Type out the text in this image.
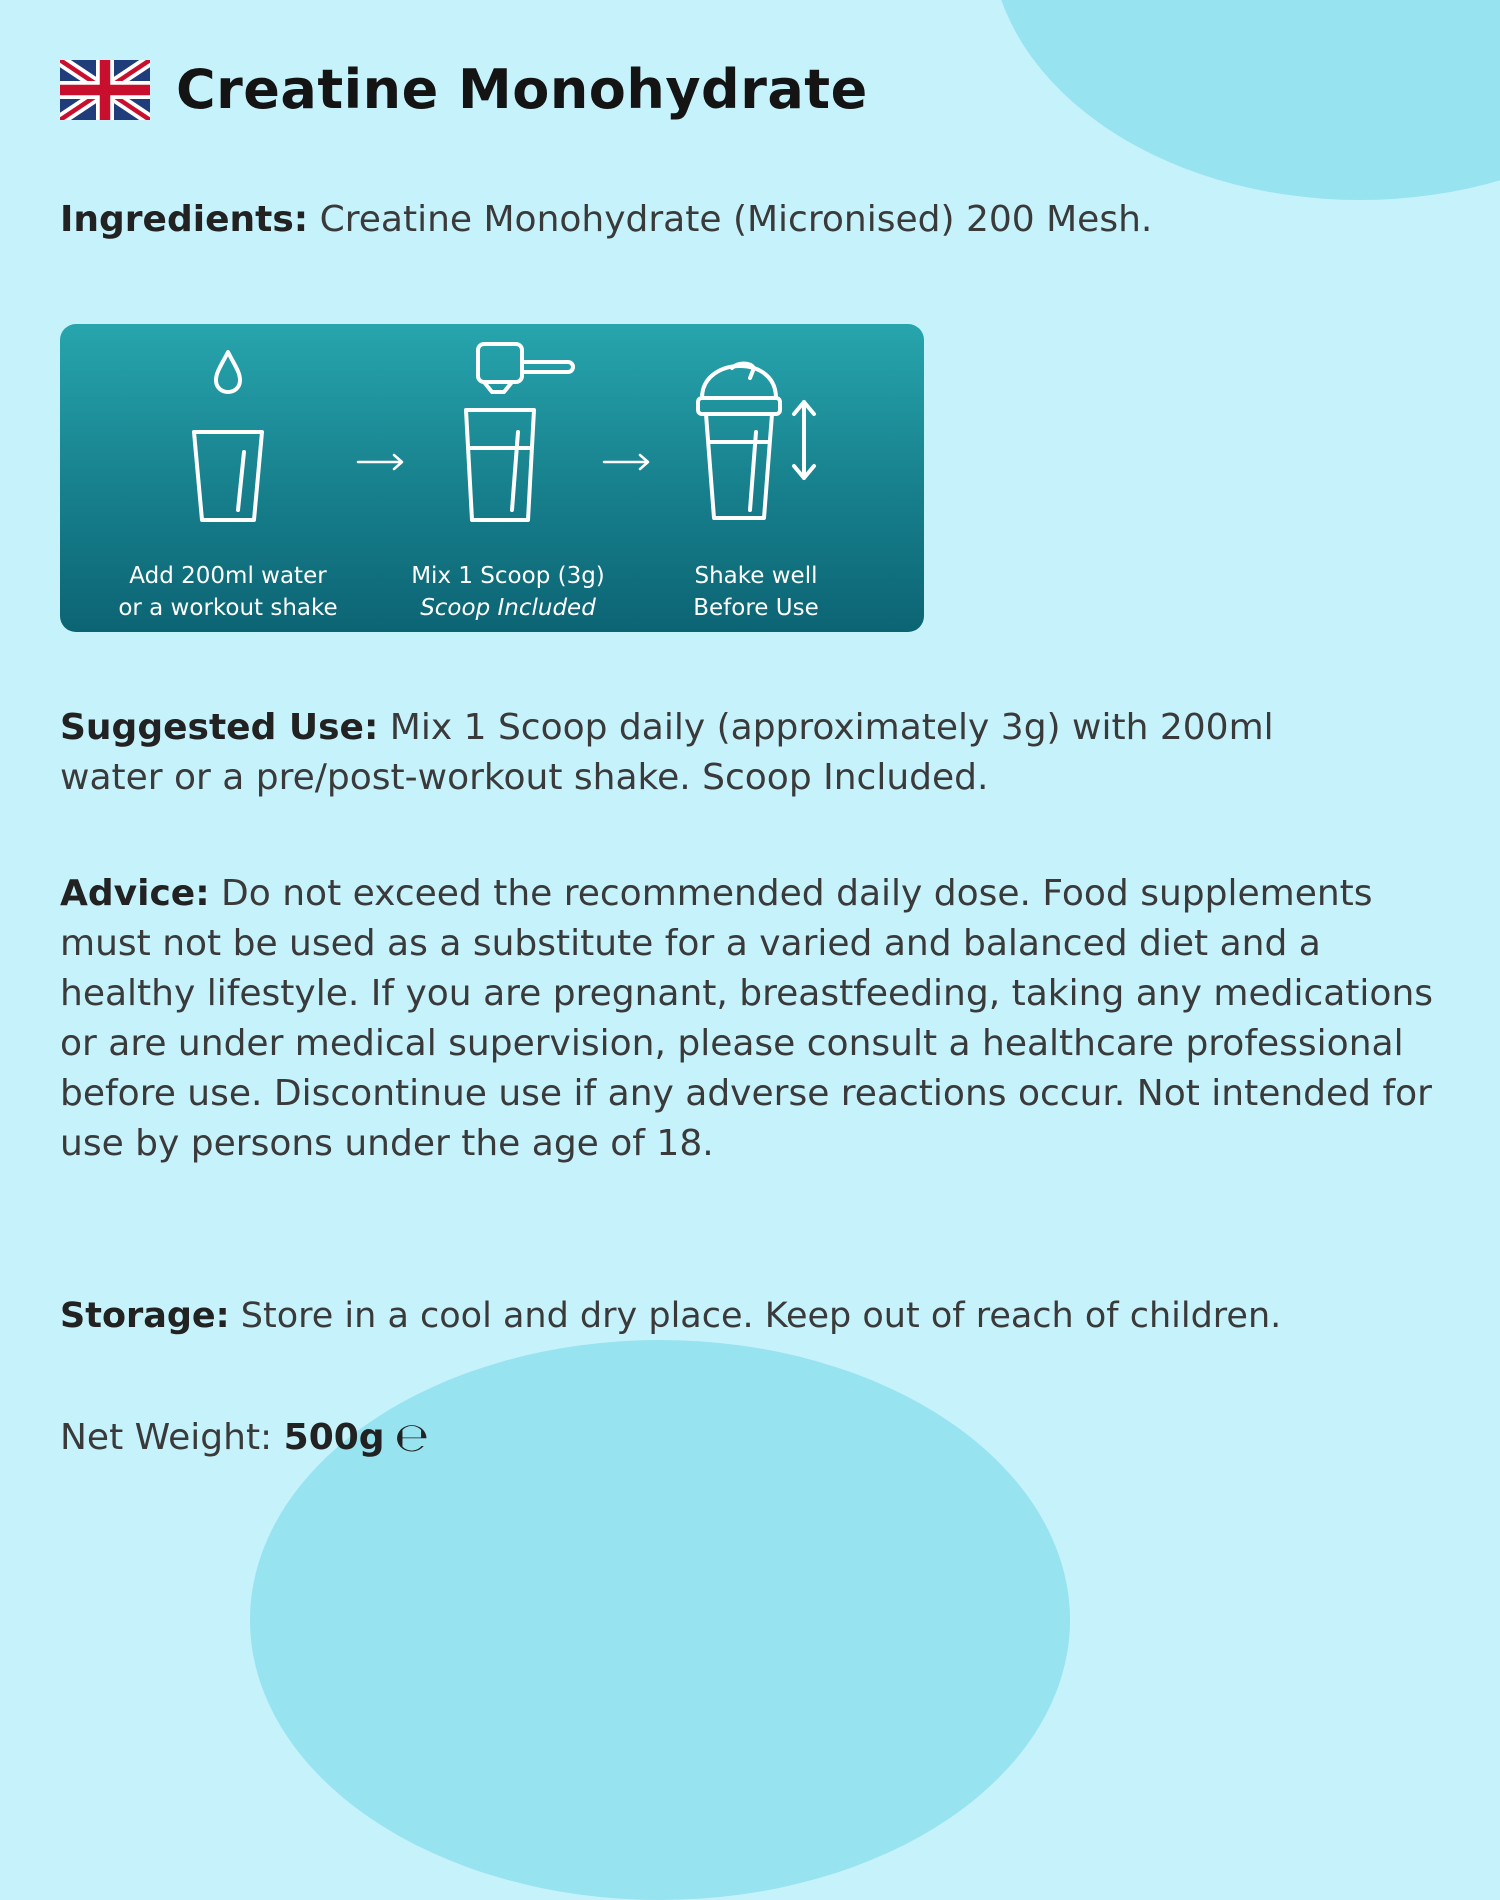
Creatine Monohydrate

Ingredients: Creatine Monohydrate (Micronised) 200 Mesh.

Add 200ml water
or a workout shake
Mix 1 Scoop (3g)
Scoop Included
Shake well
Before Use

Suggested Use: Mix 1 Scoop daily (approximately 3g) with 200ml water or a pre/post-workout shake. Scoop Included.

Advice: Do not exceed the recommended daily dose. Food supplements must not be used as a substitute for a varied and balanced diet and a healthy lifestyle. If you are pregnant, breastfeeding, taking any medications or are under medical supervision, please consult a healthcare professional before use. Discontinue use if any adverse reactions occur. Not intended for use by persons under the age of 18.

Storage: Store in a cool and dry place. Keep out of reach of children.

Net Weight: 500g ℮
